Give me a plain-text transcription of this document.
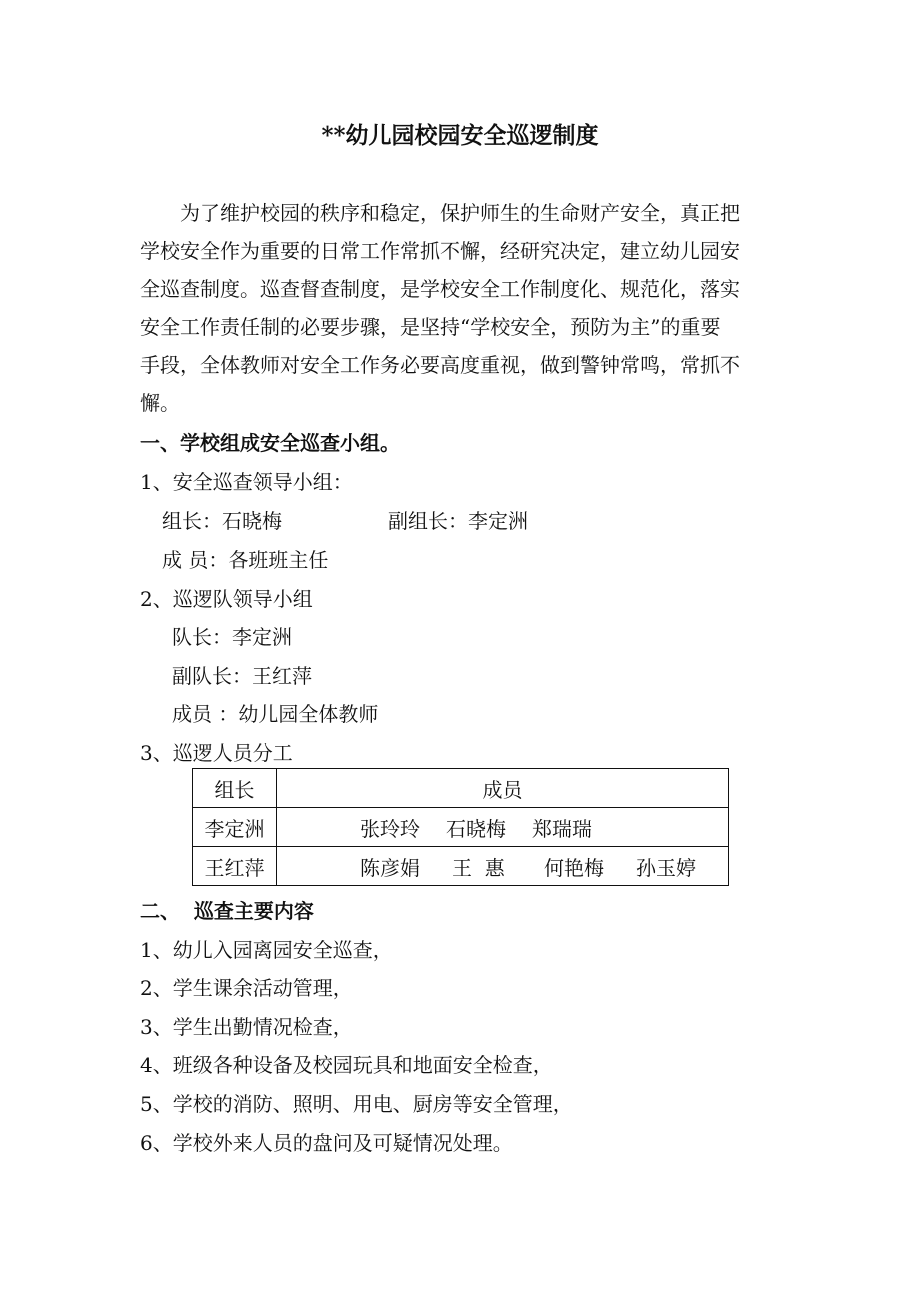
**幼儿园校园安全巡逻制度
为了维护校园的秩序和稳定，保护师生的生命财产安全，真正把
学校安全作为重要的日常工作常抓不懈，经研究决定，建立幼儿园安
全巡查制度。巡查督查制度，是学校安全工作制度化、规范化，落实
安全工作责任制的必要步骤，是坚持“学校安全，预防为主”的重要
手段，全体教师对安全工作务必要高度重视，做到警钟常鸣，常抓不
懈。
一、学校组成安全巡查小组。
1、安全巡查领导小组：
组长：石晓梅	副组长：李定洲
成 员：各班班主任
2、巡逻队领导小组
队长：李定洲
副队长：王红萍
成员 ：幼儿园全体教师
3、巡逻人员分工
组长	成员
李定洲	张玲玲 石晓梅 郑瑞瑞

王红萍	陈彦娟 王  惠 何艳梅 孙玉婷
二、  巡查主要内容
1、幼儿入园离园安全巡查，
2、学生课余活动管理，
3、学生出勤情况检查，
4、班级各种设备及校园玩具和地面安全检查，
5、学校的消防、照明、用电、厨房等安全管理，
6、学校外来人员的盘问及可疑情况处理。
